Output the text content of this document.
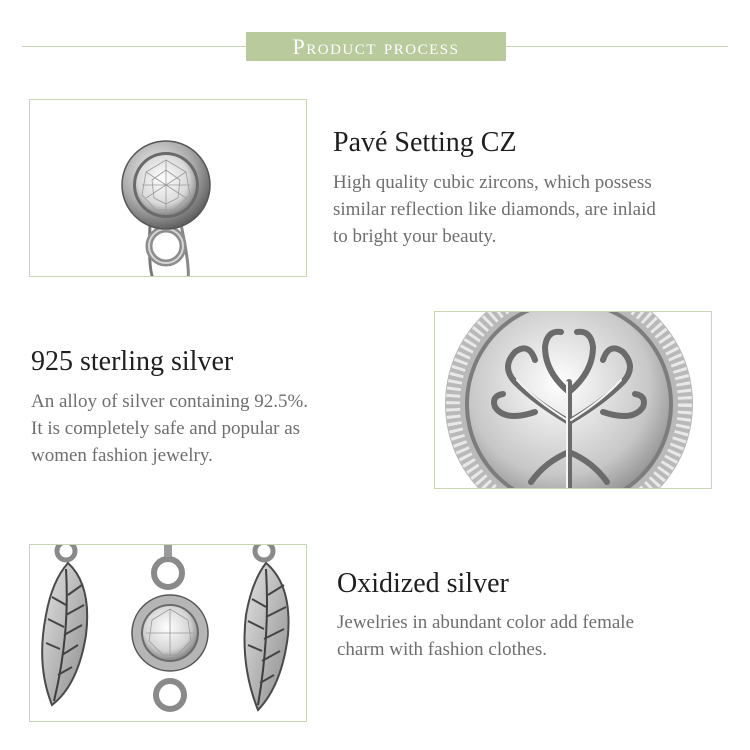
Product process
Pavé Setting CZ
High quality cubic zircons, which possess
similar reflection like diamonds, are inlaid
to bright your beauty.
925 sterling silver
An alloy of silver containing 92.5%.
It is completely safe and popular as
women fashion jewelry.
Oxidized silver
Jewelries in abundant color add female
charm with fashion clothes.
